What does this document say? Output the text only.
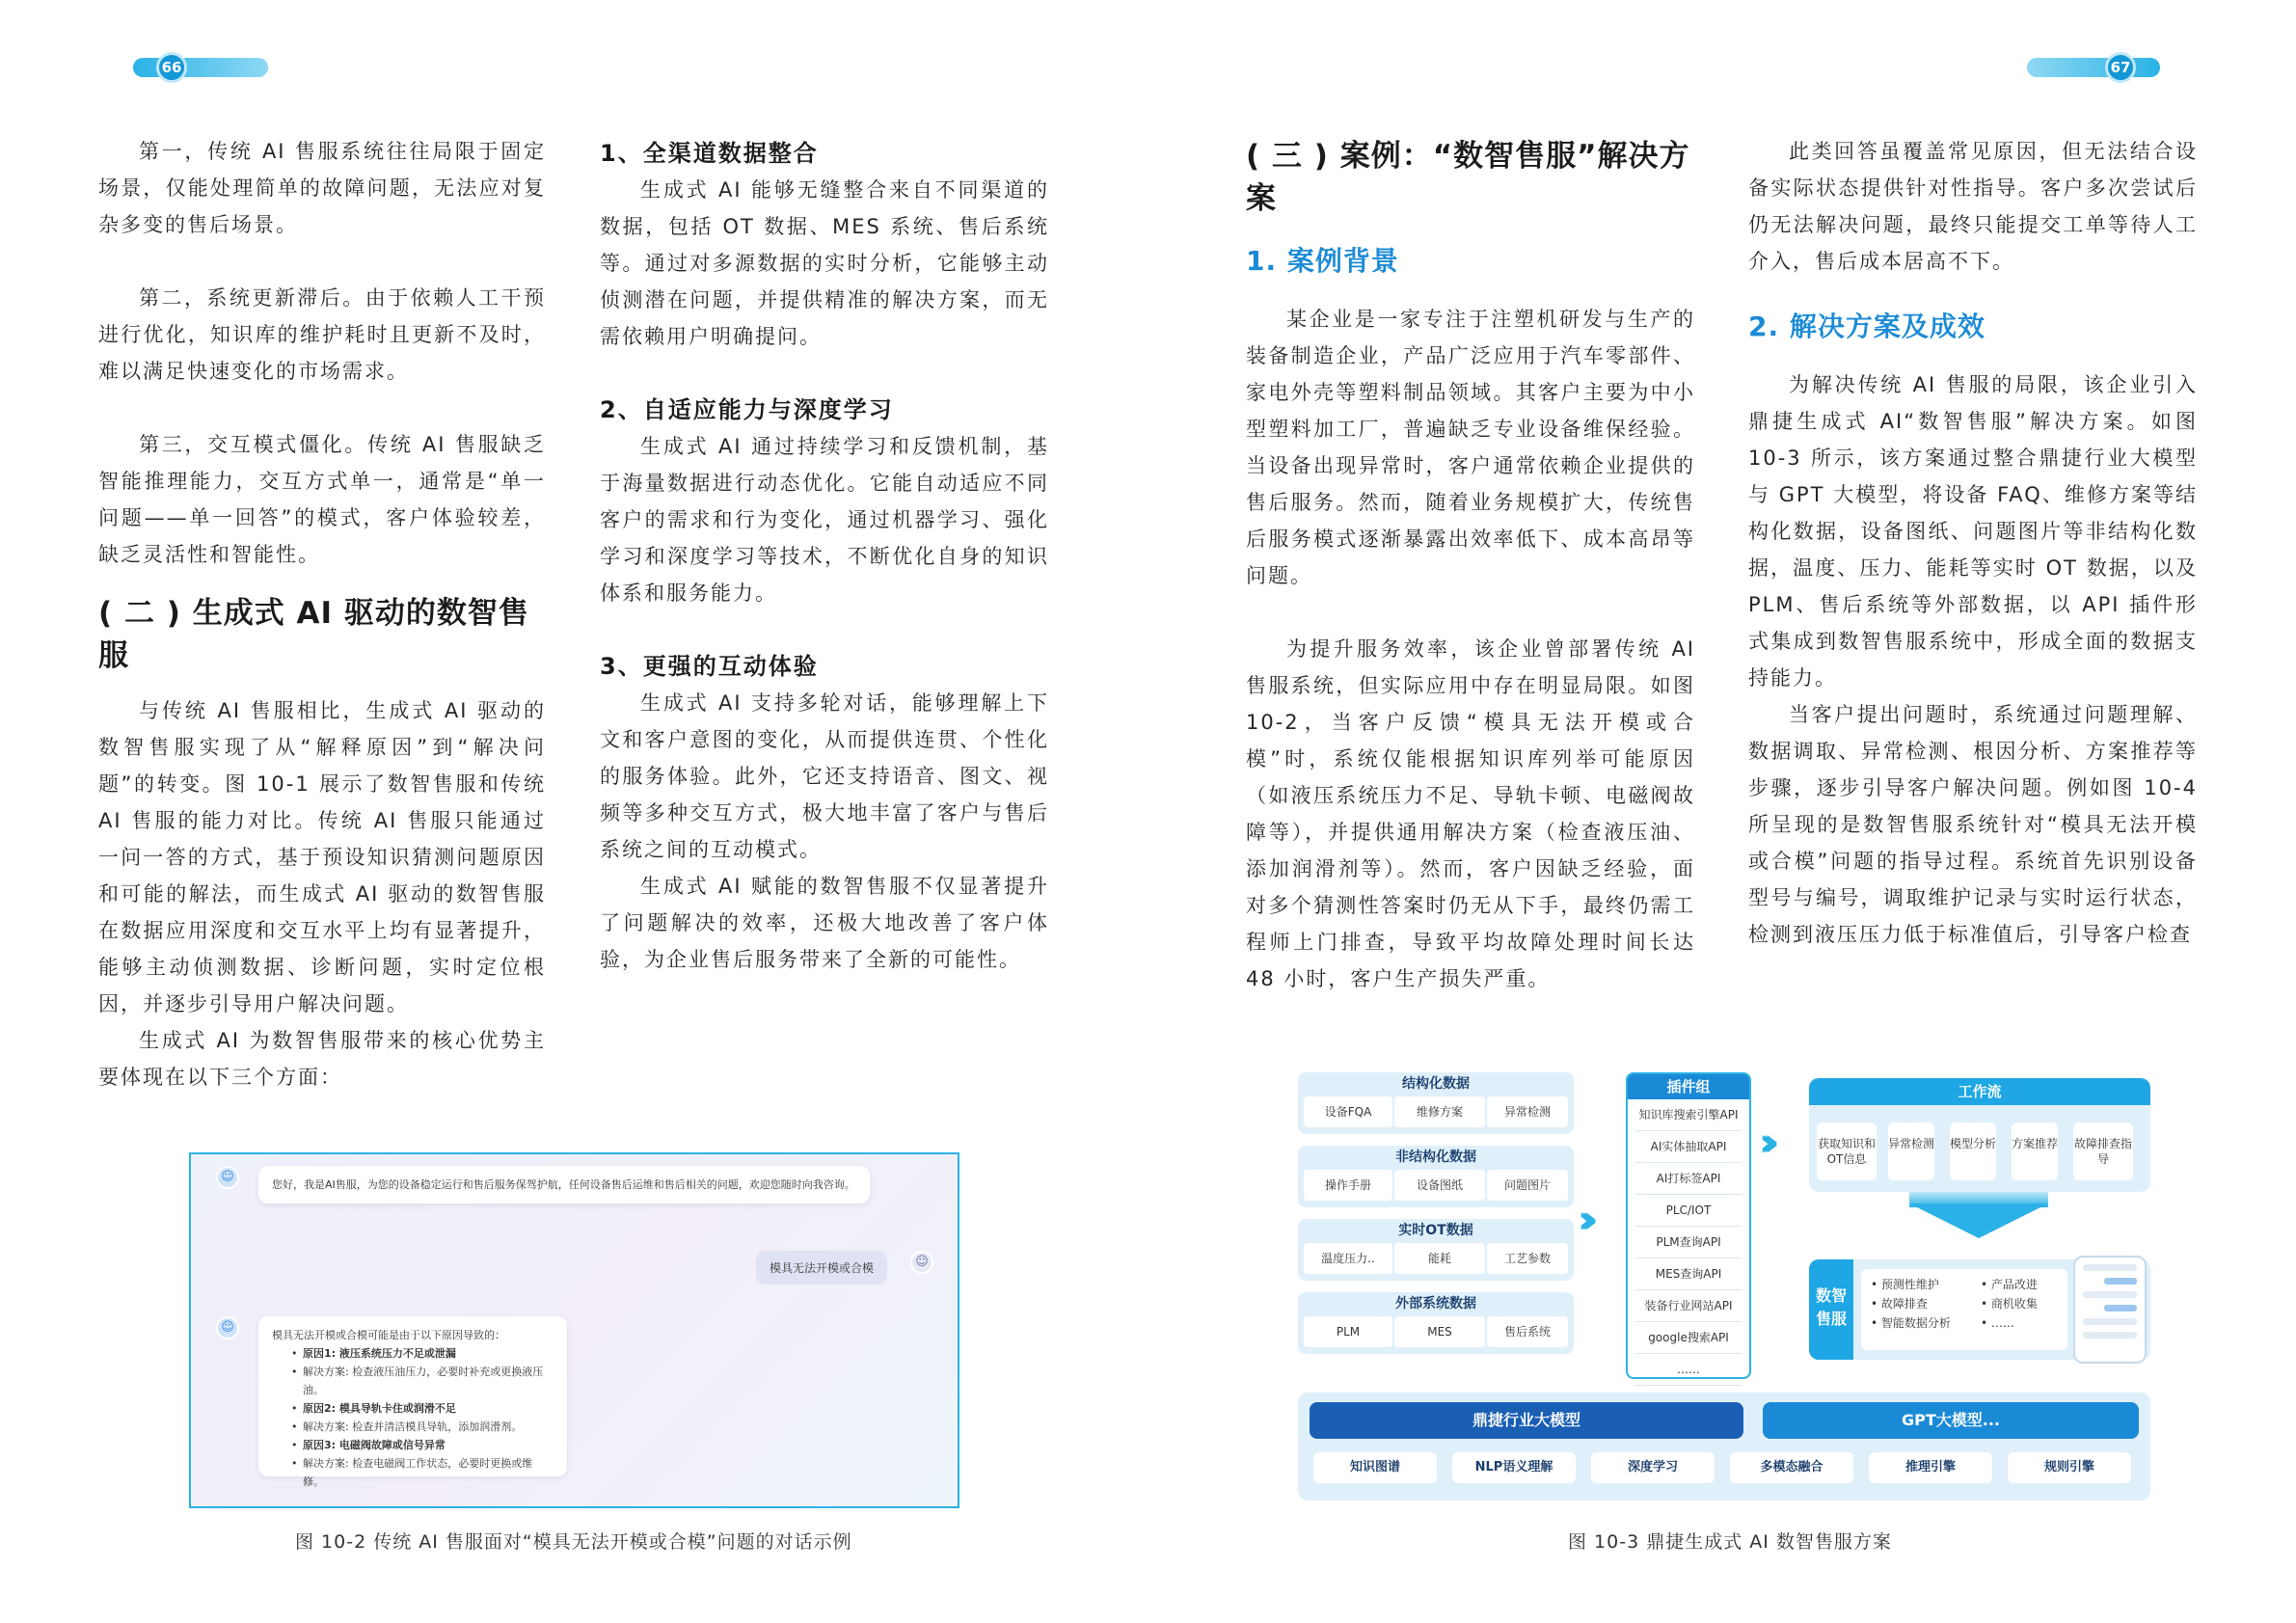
66	67

第一，传统 AI 售服系统往往局限于固定场景，仅能处理简单的故障问题，无法应对复杂多变的售后场景。

第二，系统更新滞后。由于依赖人工干预进行优化，知识库的维护耗时且更新不及时，难以满足快速变化的市场需求。

第三，交互模式僵化。传统 AI 售服缺乏智能推理能力，交互方式单一，通常是“单一问题——单一回答”的模式，客户体验较差，缺乏灵活性和智能性。

( 二 ) 生成式 AI 驱动的数智售服

与传统 AI 售服相比，生成式 AI 驱动的数智售服实现了从“解释原因”到“解决问题”的转变。图 10-1 展示了数智售服和传统 AI 售服的能力对比。传统 AI 售服只能通过一问一答的方式，基于预设知识猜测问题原因和可能的解法，而生成式 AI 驱动的数智售服在数据应用深度和交互水平上均有显著提升，能够主动侦测数据、诊断问题，实时定位根因，并逐步引导用户解决问题。

生成式 AI 为数智售服带来的核心优势主要体现在以下三个方面：

1、全渠道数据整合

生成式 AI 能够无缝整合来自不同渠道的数据，包括 OT 数据、MES 系统、售后系统等。通过对多源数据的实时分析，它能够主动侦测潜在问题，并提供精准的解决方案，而无需依赖用户明确提问。

2、自适应能力与深度学习

生成式 AI 通过持续学习和反馈机制，基于海量数据进行动态优化。它能自动适应不同客户的需求和行为变化，通过机器学习、强化学习和深度学习等技术，不断优化自身的知识体系和服务能力。

3、更强的互动体验

生成式 AI 支持多轮对话，能够理解上下文和客户意图的变化，从而提供连贯、个性化的服务体验。此外，它还支持语音、图文、视频等多种交互方式，极大地丰富了客户与售后系统之间的互动模式。

生成式 AI 赋能的数智售服不仅显著提升了问题解决的效率，还极大地改善了客户体验，为企业售后服务带来了全新的可能性。

( 三 ) 案例：“数智售服”解决方案
1. 案例背景

某企业是一家专注于注塑机研发与生产的装备制造企业，产品广泛应用于汽车零部件、家电外壳等塑料制品领域。其客户主要为中小型塑料加工厂，普遍缺乏专业设备维保经验。当设备出现异常时，客户通常依赖企业提供的售后服务。然而，随着业务规模扩大，传统售后服务模式逐渐暴露出效率低下、成本高昂等问题。

为提升服务效率，该企业曾部署传统 AI 售服系统，但实际应用中存在明显局限。如图 10-2，当客户反馈“模具无法开模或合模”时，系统仅能根据知识库列举可能原因（如液压系统压力不足、导轨卡顿、电磁阀故障等），并提供通用解决方案（检查液压油、添加润滑剂等）。然而，客户因缺乏经验，面对多个猜测性答案时仍无从下手，最终仍需工程师上门排查，导致平均故障处理时间长达 48 小时，客户生产损失严重。

此类回答虽覆盖常见原因，但无法结合设备实际状态提供针对性指导。客户多次尝试后仍无法解决问题，最终只能提交工单等待人工介入，售后成本居高不下。

2. 解决方案及成效

为解决传统 AI 售服的局限，该企业引入鼎捷生成式 AI“数智售服”解决方案。如图 10-3 所示，该方案通过整合鼎捷行业大模型与 GPT 大模型，将设备 FAQ、维修方案等结构化数据，设备图纸、问题图片等非结构化数据，温度、压力、能耗等实时 OT 数据，以及 PLM、售后系统等外部数据，以 API 插件形式集成到数智售服系统中，形成全面的数据支持能力。

当客户提出问题时，系统通过问题理解、数据调取、异常检测、根因分析、方案推荐等步骤，逐步引导客户解决问题。例如图 10-4 所呈现的是数智售服系统针对“模具无法开模或合模”问题的指导过程。系统首先识别设备型号与编号，调取维护记录与实时运行状态，检测到液压压力低于标准值后，引导客户检查

☺
您好，我是AI售服，为您的设备稳定运行和售后服务保驾护航，任何设备售后运维和售后相关的问题，欢迎您随时向我咨询。
模具无法开模或合模	☺
☺
模具无法开模或合模可能是由于以下原因导致的：
• 原因1: 液压系统压力不足或泄漏
• 解决方案: 检查液压油压力，必要时补充或更换液压油。
• 原因2: 模具导轨卡住或润滑不足
• 解决方案: 检查并清洁模具导轨，添加润滑剂。
• 原因3: 电磁阀故障或信号异常
• 解决方案: 检查电磁阀工作状态，必要时更换或维修。
图 10-2 传统 AI 售服面对“模具无法开模或合模”问题的对话示例
结构化数据
设备FQA	维修方案	异常检测
非结构化数据
操作手册	设备图纸	问题图片
实时OT数据
温度压力..	能耗	工艺参数
外部系统数据
PLM	MES	售后系统
›››
插件组
知识库搜索引擎API
AI实体抽取API
AI打标签API
PLC/IOT
PLM查询API
MES查询API
装备行业网站API
google搜索API
……
›››
工作流
获取知识和OT信息
异常检测 模型分析 方案推荐 故障排查指导
数智售服
• 预测性维护
• 故障排查
• 智能数据分析
• 产品改进
• 商机收集
• ……
鼎捷行业大模型	GPT大模型...
知识图谱	NLP语义理解	深度学习	多模态融合	推理引擎	规则引擎
图 10-3 鼎捷生成式 AI 数智售服方案
